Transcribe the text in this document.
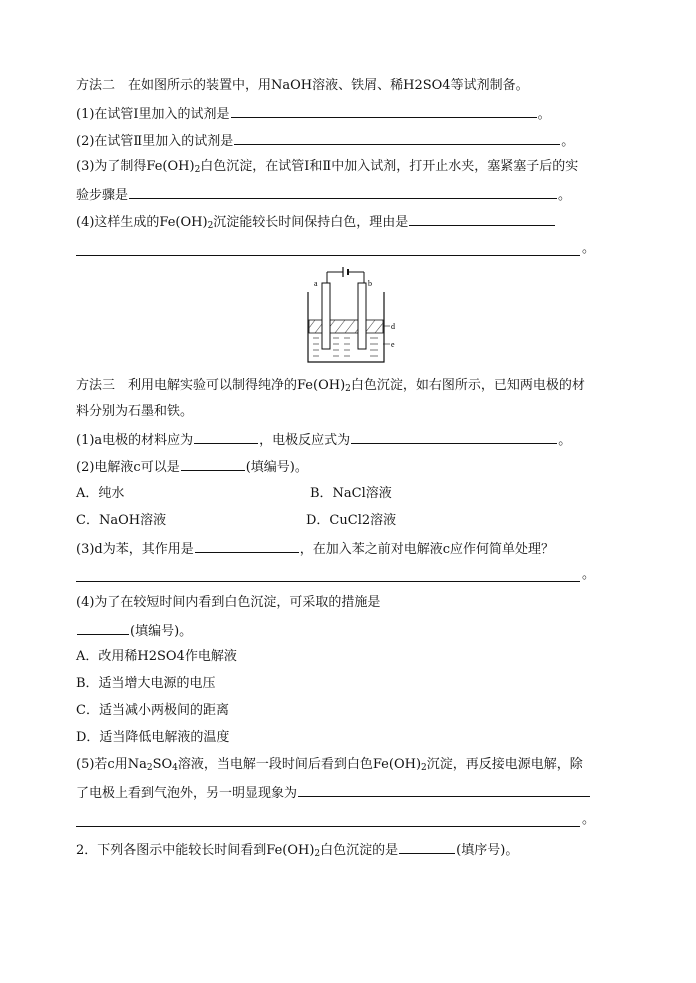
方法二　在如图所示的装置中，用NaOH溶液、铁屑、稀H2SO4等试剂制备。
(1)在试管Ⅰ里加入的试剂是	。
(2)在试管Ⅱ里加入的试剂是	。
(3)为了制得$Fe(OH)_2$白色沉淀，在试管Ⅰ和Ⅱ中加入试剂，打开止水夹，塞紧塞子后的实
验步骤是	。
(4)这样生成的$Fe(OH)_2$沉淀能较长时间保持白色，理由是
。
a	b
d
e
方法三　利用电解实验可以制得纯净的$Fe(OH)_2$白色沉淀，如右图所示，已知两电极的材
料分别为石墨和铁。
(1)a电极的材料应为	，电极反应式为	。
(2)电解液c可以是	(填编号)。
A．纯水	B．NaCl溶液
C．NaOH溶液	D．CuCl2溶液
(3)d为苯，其作用是	，在加入苯之前对电解液c应作何简单处理？
。
(4)为了在较短时间内看到白色沉淀，可采取的措施是
(填编号)。
A．改用稀H2SO4作电解液
B．适当增大电源的电压
C．适当减小两极间的距离
D．适当降低电解液的温度
(5)若c用$Na_2SO_4$溶液，当电解一段时间后看到白色$Fe(OH)_2$沉淀，再反接电源电解，除
了电极上看到气泡外，另一明显现象为
。
2．下列各图示中能较长时间看到$Fe(OH)_2$白色沉淀的是	(填序号)。
